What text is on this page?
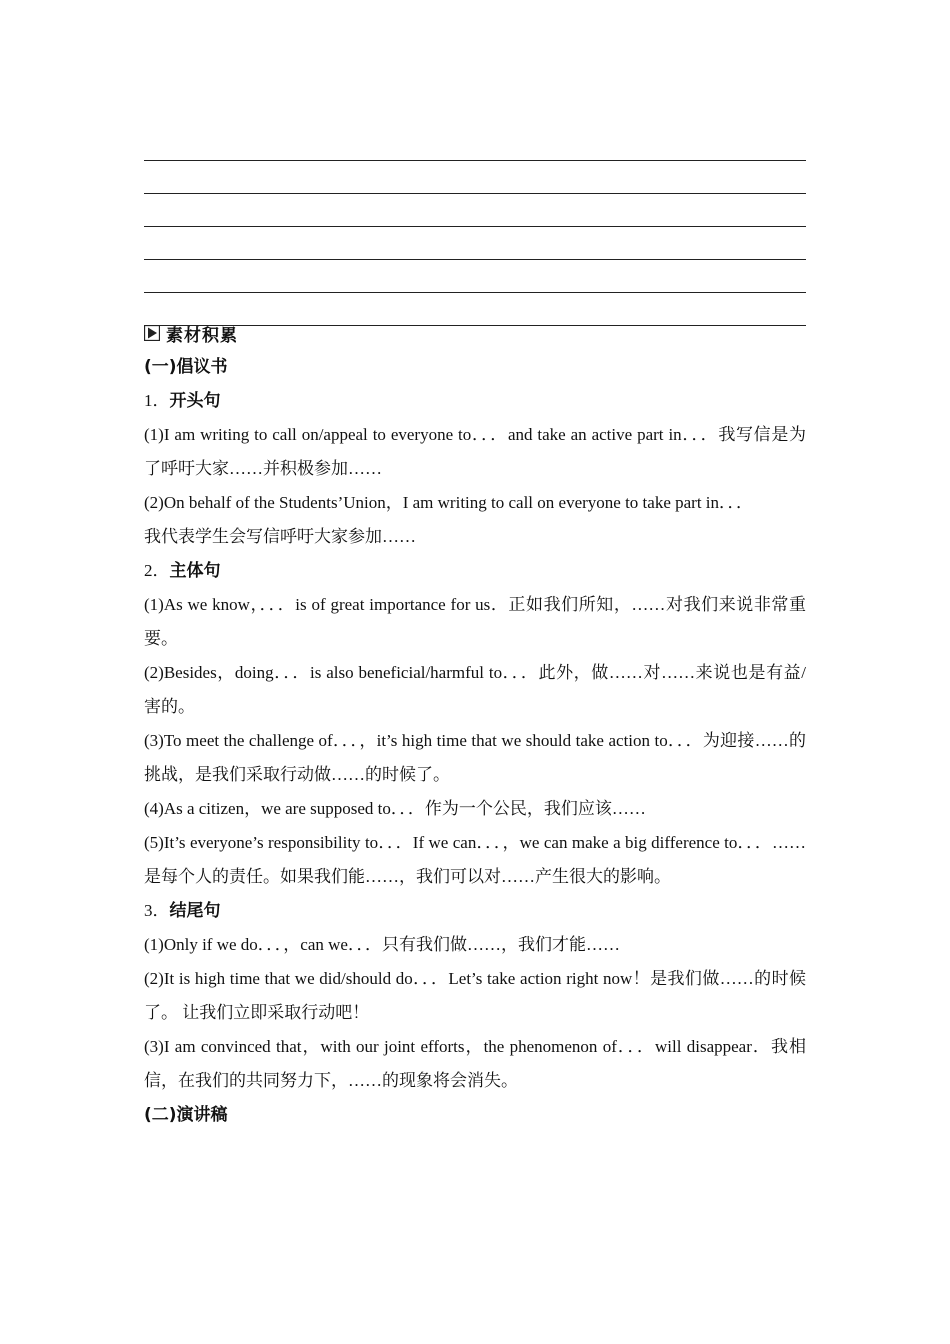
素材积累
(一)倡议书
1．开头句
(1)I am writing to call on/appeal to everyone to．．．and take an active part in．．．我写信是为了呼吁大家……并积极参加……
(2)On behalf of the Students’Union，I am writing to call on everyone to take part in．．．
我代表学生会写信呼吁大家参加……
2．主体句
(1)As we know，．．．is of great importance for us．正如我们所知，……对我们来说非常重要。
(2)Besides，doing．．．is also beneficial/harmful to．．．此外，做……对……来说也是有益/害的。
(3)To meet the challenge of．．．，it’s high time that we should take action to．．．为迎接……的挑战，是我们采取行动做……的时候了。
(4)As a citizen，we are supposed to．．．作为一个公民，我们应该……
(5)It’s everyone’s responsibility to．．．If we can．．．，we can make a big difference to．．．……是每个人的责任。如果我们能……，我们可以对……产生很大的影响。
3．结尾句
(1)Only if we do．．．，can we．．．只有我们做……，我们才能……
(2)It is high time that we did/should do．．．Let’s take action right now！是我们做……的时候了。 让我们立即采取行动吧！
(3)I am convinced that，with our joint efforts，the phenomenon of．．．will disappear．我相信，在我们的共同努力下，……的现象将会消失。
(二)演讲稿
